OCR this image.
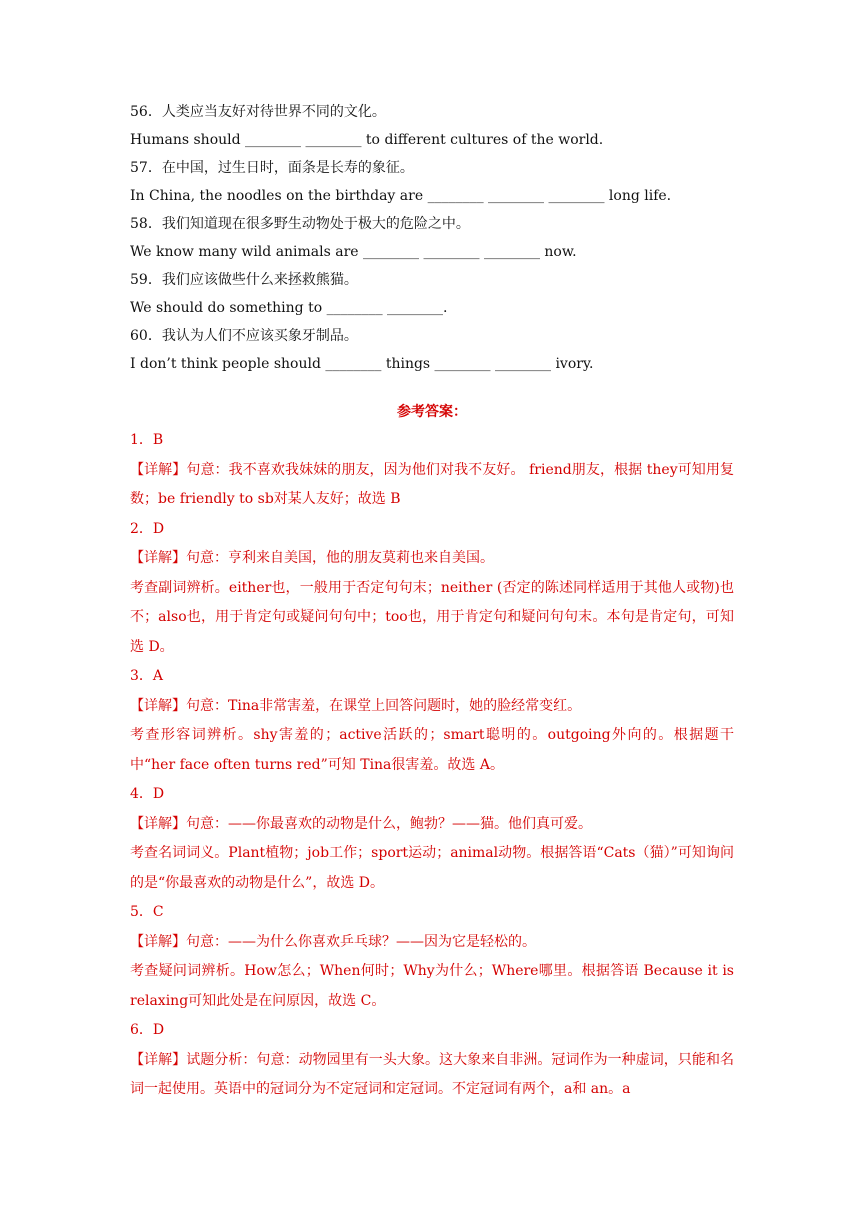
56．人类应当友好对待世界不同的文化。
Humans should ________ ________ to different cultures of the world.
57．在中国，过生日时，面条是长寿的象征。
In China, the noodles on the birthday are ________ ________ ________ long life.
58．我们知道现在很多野生动物处于极大的危险之中。
We know many wild animals are ________ ________ ________ now.
59．我们应该做些什么来拯救熊猫。
We should do something to ________ ________.
60．我认为人们不应该买象牙制品。
I don’t think people should ________ things ________ ________ ivory.
参考答案：
1．B
【详解】句意：我不喜欢我妹妹的朋友，因为他们对我不友好。 friend朋友，根据 they可知用复数；be friendly to sb对某人友好；故选 B
2．D
【详解】句意：亨利来自美国，他的朋友莫莉也来自美国。
考查副词辨析。either也，一般用于否定句句末；neither (否定的陈述同样适用于其他人或物)也不；also也，用于肯定句或疑问句句中；too也，用于肯定句和疑问句句末。本句是肯定句，可知选 D。
3．A
【详解】句意：Tina非常害羞，在课堂上回答问题时，她的脸经常变红。
考查形容词辨析。shy害羞的；active活跃的；smart聪明的。outgoing外向的。根据题干中“her face often turns red”可知 Tina很害羞。故选 A。
4．D
【详解】句意：——你最喜欢的动物是什么，鲍勃？——猫。他们真可爱。
考查名词词义。Plant植物；job工作；sport运动；animal动物。根据答语“Cats（猫）”可知询问的是“你最喜欢的动物是什么”，故选 D。
5．C
【详解】句意：——为什么你喜欢乒乓球？——因为它是轻松的。
考查疑问词辨析。How怎么；When何时；Why为什么；Where哪里。根据答语 Because it is relaxing可知此处是在问原因，故选 C。
6．D
【详解】试题分析：句意：动物园里有一头大象。这大象来自非洲。冠词作为一种虚词，只能和名词一起使用。英语中的冠词分为不定冠词和定冠词。不定冠词有两个，a和 an。a
